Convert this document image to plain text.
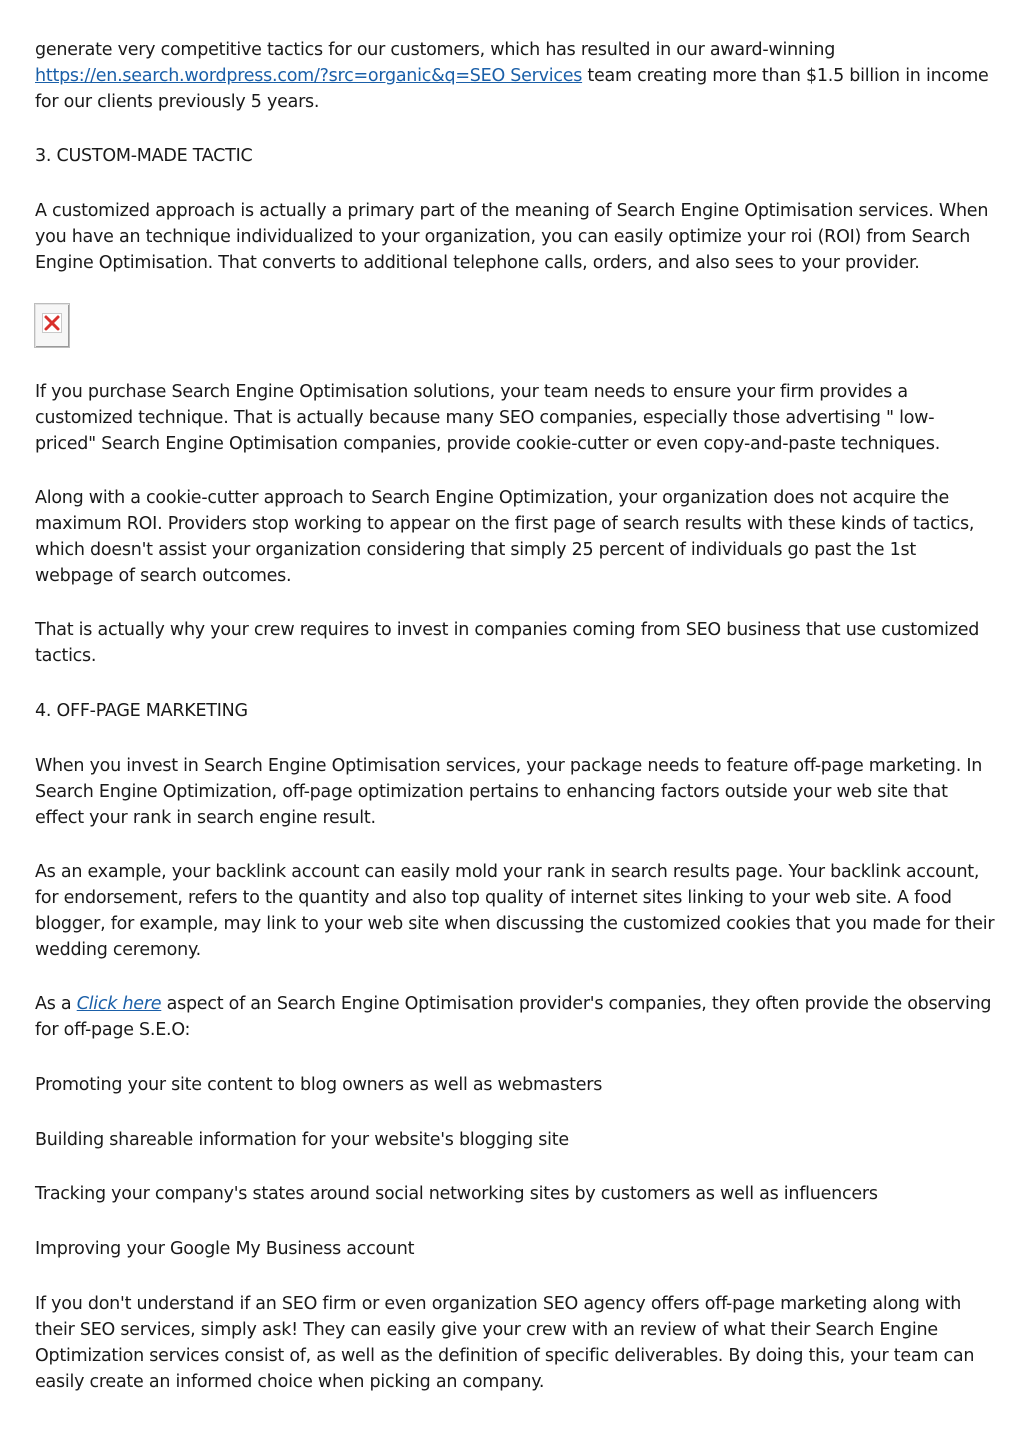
generate very competitive tactics for our customers, which has resulted in our award-winning https://en.search.wordpress.com/?src=organic&q=SEO Services team creating more than $1.5 billion in income for our clients previously 5 years.

3. CUSTOM-MADE TACTIC

A customized approach is actually a primary part of the meaning of Search Engine Optimisation services. When you have an technique individualized to your organization, you can easily optimize your roi (ROI) from Search Engine Optimisation. That converts to additional telephone calls, orders, and also sees to your provider.

If you purchase Search Engine Optimisation solutions, your team needs to ensure your firm provides a customized technique. That is actually because many SEO companies, especially those advertising " low-priced" Search Engine Optimisation companies, provide cookie-cutter or even copy-and-paste techniques.

Along with a cookie-cutter approach to Search Engine Optimization, your organization does not acquire the maximum ROI. Providers stop working to appear on the first page of search results with these kinds of tactics, which doesn't assist your organization considering that simply 25 percent of individuals go past the 1st webpage of search outcomes.

That is actually why your crew requires to invest in companies coming from SEO business that use customized tactics.

4. OFF-PAGE MARKETING

When you invest in Search Engine Optimisation services, your package needs to feature off-page marketing. In Search Engine Optimization, off-page optimization pertains to enhancing factors outside your web site that effect your rank in search engine result.

As an example, your backlink account can easily mold your rank in search results page. Your backlink account, for endorsement, refers to the quantity and also top quality of internet sites linking to your web site. A food blogger, for example, may link to your web site when discussing the customized cookies that you made for their wedding ceremony.

As a Click here aspect of an Search Engine Optimisation provider's companies, they often provide the observing for off-page S.E.O:

Promoting your site content to blog owners as well as webmasters

Building shareable information for your website's blogging site

Tracking your company's states around social networking sites by customers as well as influencers

Improving your Google My Business account

If you don't understand if an SEO firm or even organization SEO agency offers off-page marketing along with their SEO services, simply ask! They can easily give your crew with an review of what their Search Engine Optimization services consist of, as well as the definition of specific deliverables. By doing this, your team can easily create an informed choice when picking an company.
